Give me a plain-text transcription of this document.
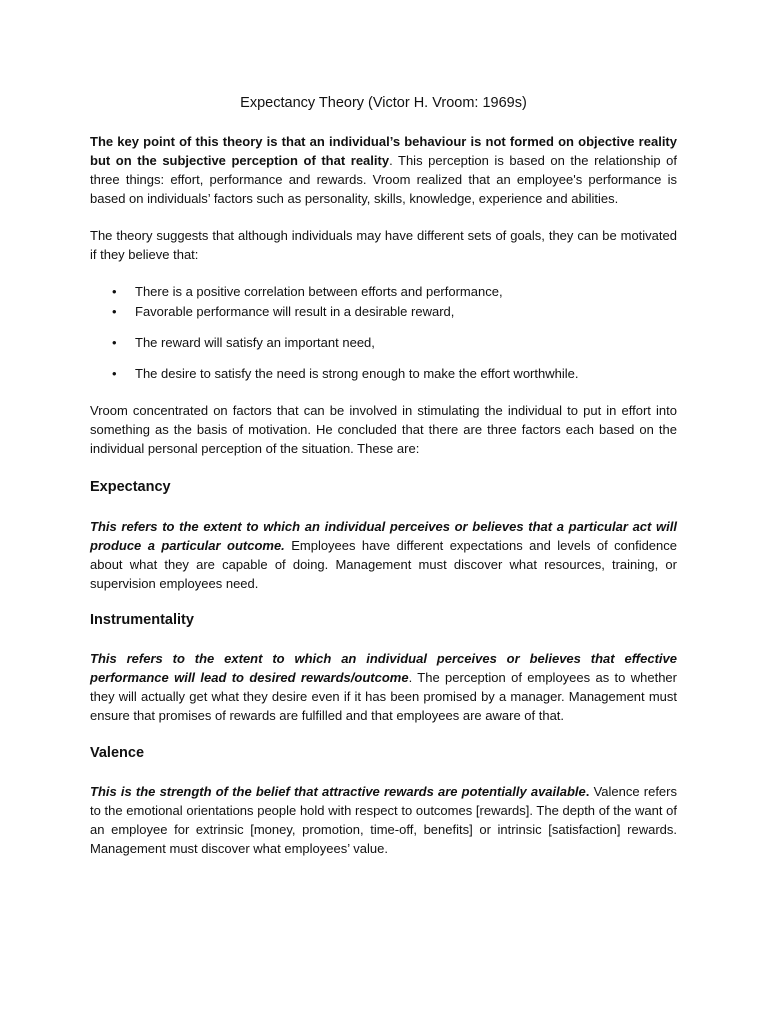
Expectancy Theory (Victor H. Vroom: 1969s)

The key point of this theory is that an individual’s behaviour is not formed on objective reality but on the subjective perception of that reality. This perception is based on the relationship of three things: effort, performance and rewards. Vroom realized that an employee's performance is based on individuals’ factors such as personality, skills, knowledge, experience and abilities.

The theory suggests that although individuals may have different sets of goals, they can be motivated if they believe that:

• There is a positive correlation between efforts and performance,
• Favorable performance will result in a desirable reward,
• The reward will satisfy an important need,
• The desire to satisfy the need is strong enough to make the effort worthwhile.

Vroom concentrated on factors that can be involved in stimulating the individual to put in effort into something as the basis of motivation. He concluded that there are three factors each based on the individual personal perception of the situation. These are:

Expectancy

This refers to the extent to which an individual perceives or believes that a particular act will produce a particular outcome. Employees have different expectations and levels of confidence about what they are capable of doing. Management must discover what resources, training, or supervision employees need.

Instrumentality

This refers to the extent to which an individual perceives or believes that effective performance will lead to desired rewards/outcome. The perception of employees as to whether they will actually get what they desire even if it has been promised by a manager. Management must ensure that promises of rewards are fulfilled and that employees are aware of that.

Valence

This is the strength of the belief that attractive rewards are potentially available. Valence refers to the emotional orientations people hold with respect to outcomes [rewards]. The depth of the want of an employee for extrinsic [money, promotion, time-off, benefits] or intrinsic [satisfaction] rewards. Management must discover what employees’ value.
